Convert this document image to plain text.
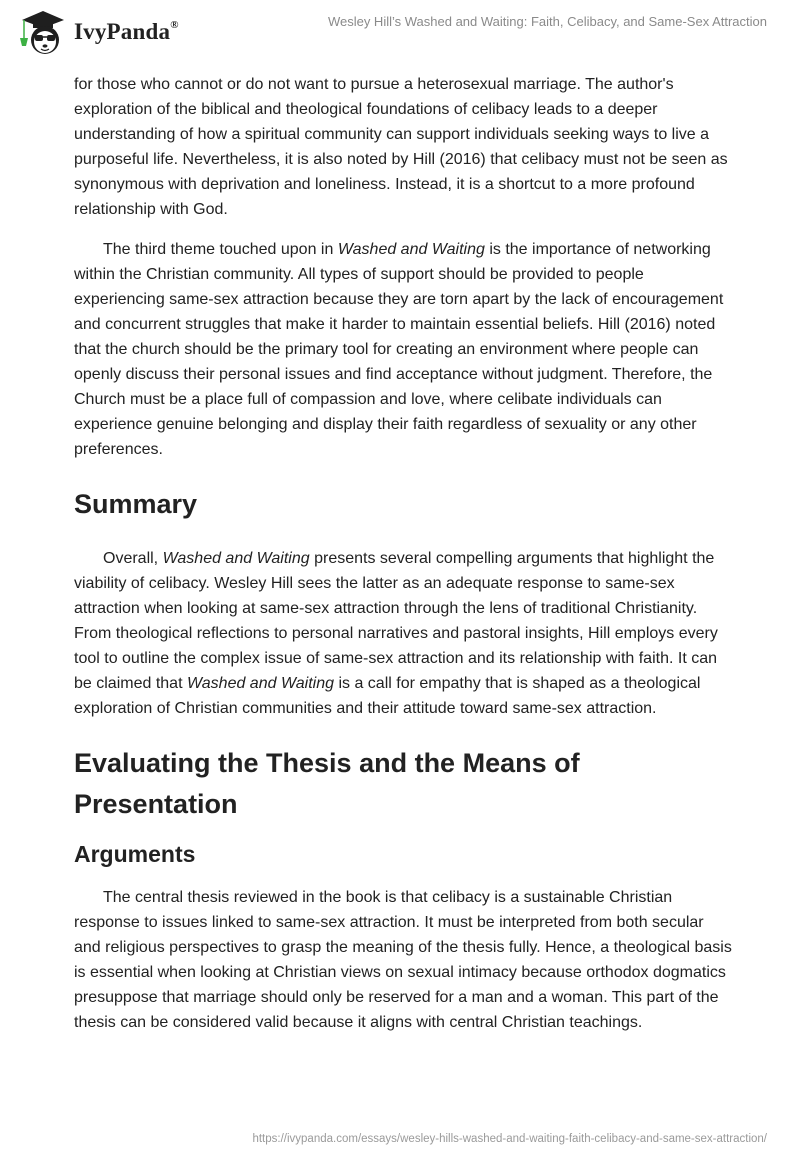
IvyPanda®	Wesley Hill’s Washed and Waiting: Faith, Celibacy, and Same-Sex Attraction

for those who cannot or do not want to pursue a heterosexual marriage. The author's exploration of the biblical and theological foundations of celibacy leads to a deeper understanding of how a spiritual community can support individuals seeking ways to live a purposeful life. Nevertheless, it is also noted by Hill (2016) that celibacy must not be seen as synonymous with deprivation and loneliness. Instead, it is a shortcut to a more profound relationship with God.

The third theme touched upon in Washed and Waiting is the importance of networking within the Christian community. All types of support should be provided to people experiencing same-sex attraction because they are torn apart by the lack of encouragement and concurrent struggles that make it harder to maintain essential beliefs. Hill (2016) noted that the church should be the primary tool for creating an environment where people can openly discuss their personal issues and find acceptance without judgment. Therefore, the Church must be a place full of compassion and love, where celibate individuals can experience genuine belonging and display their faith regardless of sexuality or any other preferences.

Summary

Overall, Washed and Waiting presents several compelling arguments that highlight the viability of celibacy. Wesley Hill sees the latter as an adequate response to same-sex attraction when looking at same-sex attraction through the lens of traditional Christianity. From theological reflections to personal narratives and pastoral insights, Hill employs every tool to outline the complex issue of same-sex attraction and its relationship with faith. It can be claimed that Washed and Waiting is a call for empathy that is shaped as a theological exploration of Christian communities and their attitude toward same-sex attraction.

Evaluating the Thesis and the Means of Presentation
Arguments

The central thesis reviewed in the book is that celibacy is a sustainable Christian response to issues linked to same-sex attraction. It must be interpreted from both secular and religious perspectives to grasp the meaning of the thesis fully. Hence, a theological basis is essential when looking at Christian views on sexual intimacy because orthodox dogmatics presuppose that marriage should only be reserved for a man and a woman. This part of the thesis can be considered valid because it aligns with central Christian teachings.

https://ivypanda.com/essays/wesley-hills-washed-and-waiting-faith-celibacy-and-same-sex-attraction/
